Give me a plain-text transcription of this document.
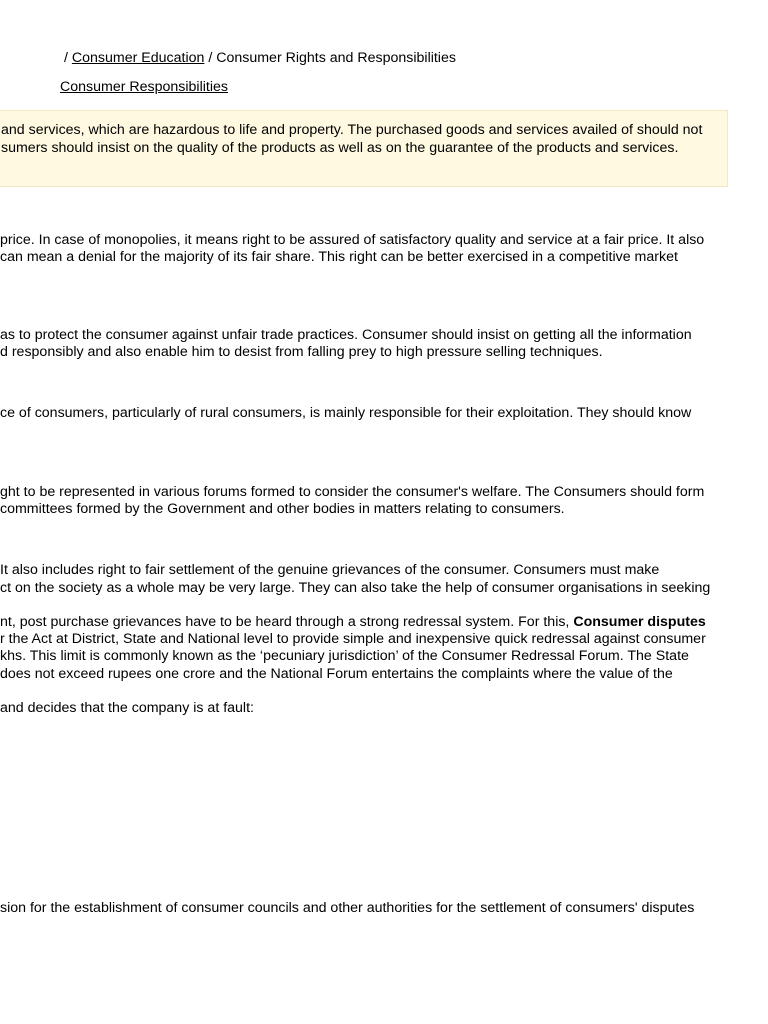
/ Consumer Education / Consumer Rights and Responsibilities
Consumer Responsibilities

and services, which are hazardous to life and property. The purchased goods and services availed of should not

sumers should insist on the quality of the products as well as on the guarantee of the products and services.

price. In case of monopolies, it means right to be assured of satisfactory quality and service at a fair price. It also

can mean a denial for the majority of its fair share. This right can be better exercised in a competitive market

as to protect the consumer against unfair trade practices. Consumer should insist on getting all the information

d responsibly and also enable him to desist from falling prey to high pressure selling techniques.

ce of consumers, particularly of rural consumers, is mainly responsible for their exploitation. They should know

ght to be represented in various forums formed to consider the consumer's welfare. The Consumers should form

committees formed by the Government and other bodies in matters relating to consumers.

It also includes right to fair settlement of the genuine grievances of the consumer. Consumers must make

ct on the society as a whole may be very large. They can also take the help of consumer organisations in seeking

nt, post purchase grievances have to be heard through a strong redressal system. For this, Consumer disputes

r the Act at District, State and National level to provide simple and inexpensive quick redressal against consumer

khs. This limit is commonly known as the ‘pecuniary jurisdiction’ of the Consumer Redressal Forum. The State

does not exceed rupees one crore and the National Forum entertains the complaints where the value of the

and decides that the company is at fault:

sion for the establishment of consumer councils and other authorities for the settlement of consumers' disputes
